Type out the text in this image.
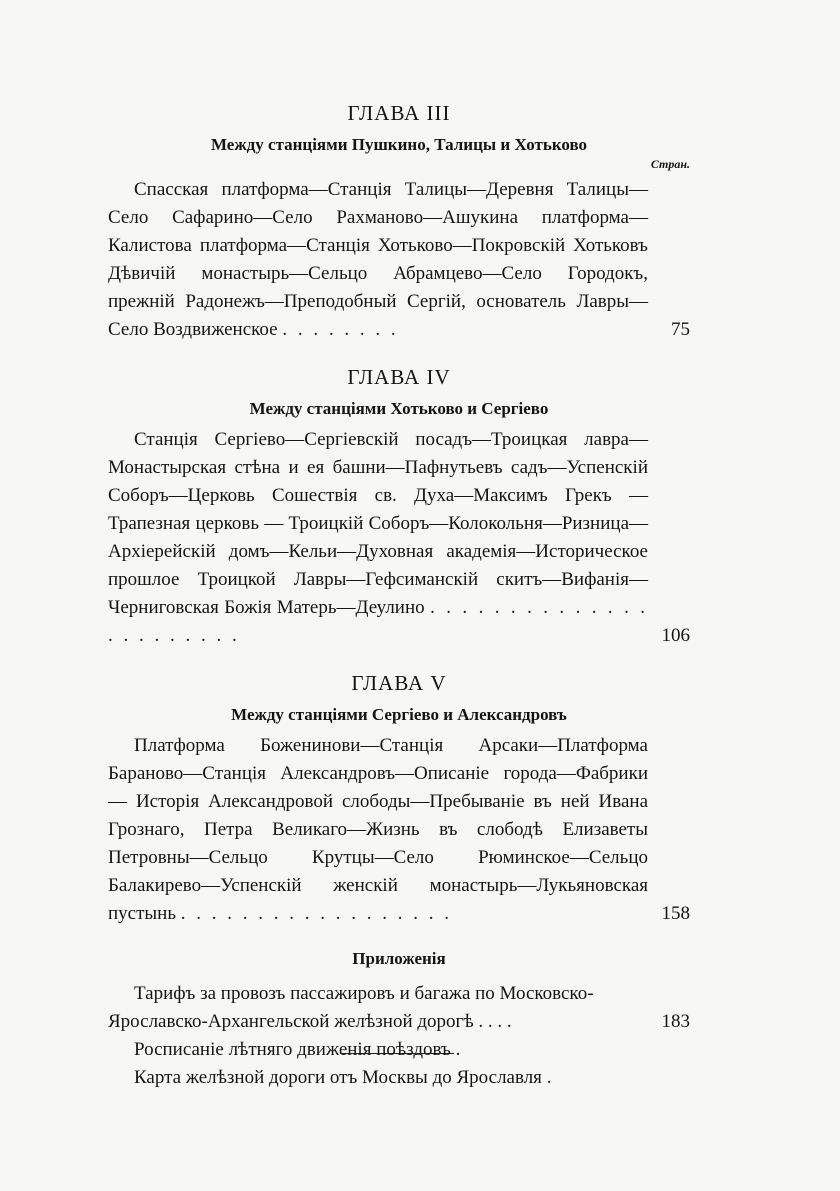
ГЛАВА III

Между станціями Пушкино, Талицы и Хотьково

Стран.

Спасская платформа—Станція Талицы—Деревня Талицы—Село Сафарино—Село Рахманово—Ашукина платформа—Калистова платформа—Станція Хотьково—Покровскій Хотьковъ Дѣвичій монастырь—Сельцо Абрамцево—Село Городокъ, прежній Радонежъ—Преподобный Сергій, основатель Лавры—Село Воздвиженское . . . . . . . .	75

ГЛАВА IV

Между станціями Хотьково и Сергіево

Станція Сергіево—Сергіевскій посадъ—Троицкая лавра—Монастырская стѣна и ея башни—Пафнутьевъ садъ—Успенскій Соборъ—Церковь Сошествія св. Духа—Максимъ Грекъ — Трапезная церковь — Троицкій Соборъ—Колокольня—Ризница—Архіерейскій домъ—Кельи—Духовная академія—Историческое прошлое Троицкой Лавры—Гефсиманскій скитъ—Вифанія—Черниговская Божія Матерь—Деулино . . . . . . . . . . . . . . . . . . . . . . .	106

ГЛАВА V

Между станціями Сергіево и Александровъ

Платформа Боженинови—Станція Арсаки—Платформа Бараново—Станція Александровъ—Описаніе города—Фабрики — Исторія Александровой слободы—Пребываніе въ ней Ивана Грознаго, Петра Великаго—Жизнь въ слободѣ Елизаветы Петровны—Сельцо Крутцы—Село Рюминское—Сельцо Балакирево—Успенскій женскій монастырь—Лукьяновская пустынь . . . . . . . . . . . . . . . . . .	158

Приложенія

Тарифъ за провозъ пассажировъ и багажа по Московско-Ярославско-Архангельской желѣзной дорогѣ . . . .	183

Росписаніе лѣтняго движенія поѣздовъ .

Карта желѣзной дороги отъ Москвы до Ярославля .
